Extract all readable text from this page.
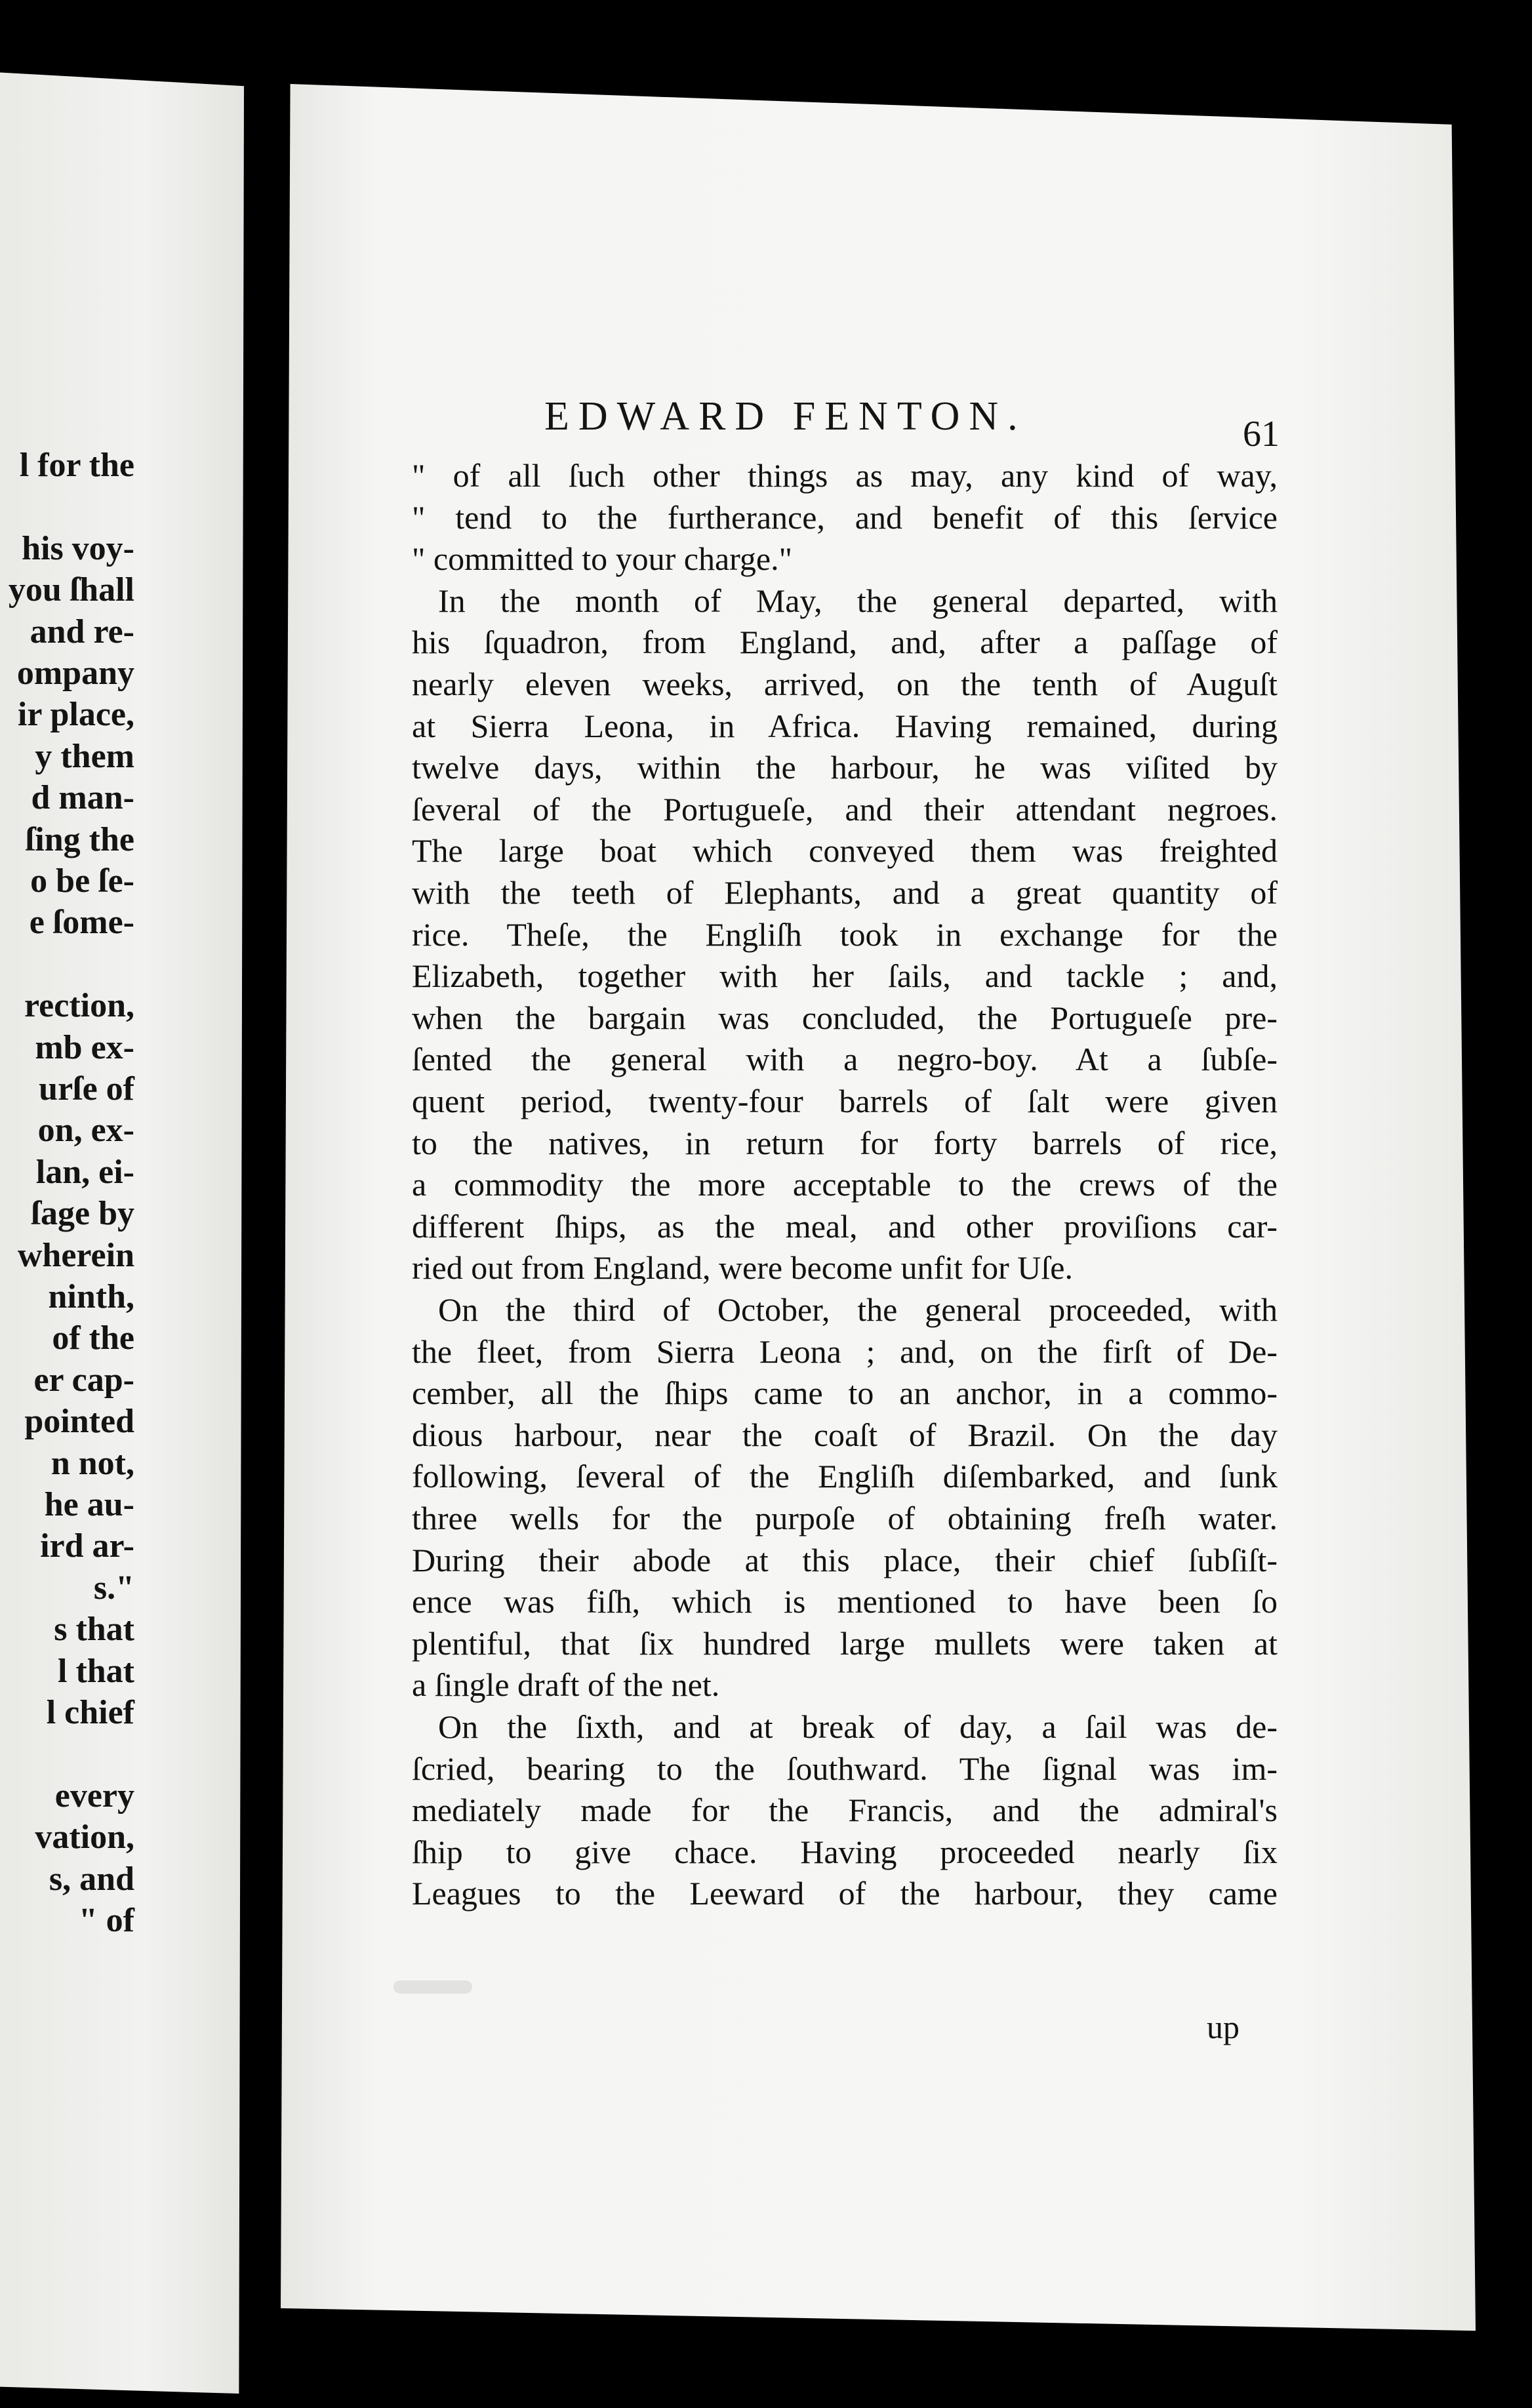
l for the
his voy-
you ſhall
and re-
ompany
ir place,
y them
d man-
ſing the
o be ſe-
e ſome-
rection,
mb ex-
urſe of
on, ex-
lan, ei-
ſage by
wherein
ninth,
of the
er cap-
pointed
n not,
he au-
ird ar-
s."
s that
l that
l chief
every
vation,
s, and
" of
EDWARD FENTON.	61
" of all ſuch other things as may, any kind of way,
" tend to the furtherance, and benefit of this ſervice
" committed to your charge."
In the month of May, the general departed, with
his ſquadron, from England, and, after a paſſage of
nearly eleven weeks, arrived, on the tenth of Auguſt
at Sierra Leona, in Africa. Having remained, during
twelve days, within the harbour, he was viſited by
ſeveral of the Portugueſe, and their attendant negroes.
The large boat which conveyed them was freighted
with the teeth of Elephants, and a great quantity of
rice. Theſe, the Engliſh took in exchange for the
Elizabeth, together with her ſails, and tackle ; and,
when the bargain was concluded, the Portugueſe pre-
ſented the general with a negro-boy. At a ſubſe-
quent period, twenty-four barrels of ſalt were given
to the natives, in return for forty barrels of rice,
a commodity the more acceptable to the crews of the
different ſhips, as the meal, and other proviſions car-
ried out from England, were become unfit for Uſe.
On the third of October, the general proceeded, with
the fleet, from Sierra Leona ; and, on the firſt of De-
cember, all the ſhips came to an anchor, in a commo-
dious harbour, near the coaſt of Brazil. On the day
following, ſeveral of the Engliſh diſembarked, and ſunk
three wells for the purpoſe of obtaining freſh water.
During their abode at this place, their chief ſubſiſt-
ence was fiſh, which is mentioned to have been ſo
plentiful, that ſix hundred large mullets were taken at
a ſingle draft of the net.
On the ſixth, and at break of day, a ſail was de-
ſcried, bearing to the ſouthward. The ſignal was im-
mediately made for the Francis, and the admiral's
ſhip to give chace. Having proceeded nearly ſix
Leagues to the Leeward of the harbour, they came
up
